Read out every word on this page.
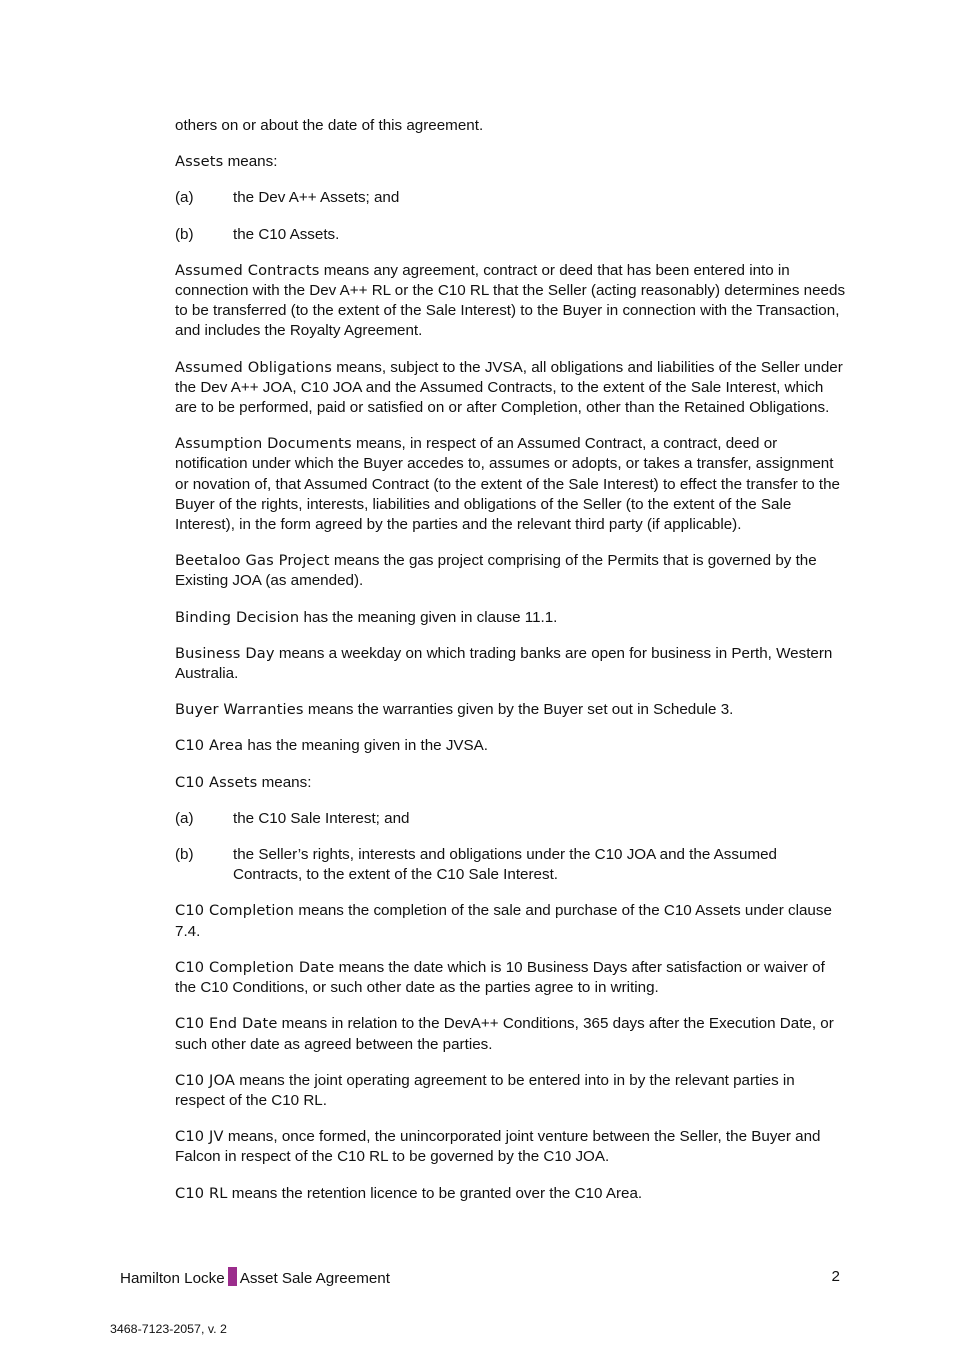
others on or about the date of this agreement.

Assets means:

(a)	the Dev A++ Assets; and
(b)	the C10 Assets.

Assumed Contracts means any agreement, contract or deed that has been entered into in connection with the Dev A++ RL or the C10 RL that the Seller (acting reasonably) determines needs to be transferred (to the extent of the Sale Interest) to the Buyer in connection with the Transaction, and includes the Royalty Agreement.

Assumed Obligations means, subject to the JVSA, all obligations and liabilities of the Seller under the Dev A++ JOA, C10 JOA and the Assumed Contracts, to the extent of the Sale Interest, which are to be performed, paid or satisfied on or after Completion, other than the Retained Obligations.

Assumption Documents means, in respect of an Assumed Contract, a contract, deed or notification under which the Buyer accedes to, assumes or adopts, or takes a transfer, assignment or novation of, that Assumed Contract (to the extent of the Sale Interest) to effect the transfer to the Buyer of the rights, interests, liabilities and obligations of the Seller (to the extent of the Sale Interest), in the form agreed by the parties and the relevant third party (if applicable).

Beetaloo Gas Project means the gas project comprising of the Permits that is governed by the Existing JOA (as amended).

Binding Decision has the meaning given in clause 11.1.

Business Day means a weekday on which trading banks are open for business in Perth, Western Australia.

Buyer Warranties means the warranties given by the Buyer set out in Schedule 3.

C10 Area has the meaning given in the JVSA.

C10 Assets means:

(a)	the C10 Sale Interest; and
(b)	the Seller’s rights, interests and obligations under the C10 JOA and the Assumed Contracts, to the extent of the C10 Sale Interest.

C10 Completion means the completion of the sale and purchase of the C10 Assets under clause 7.4.

C10 Completion Date means the date which is 10 Business Days after satisfaction or waiver of the C10 Conditions, or such other date as the parties agree to in writing.

C10 End Date means in relation to the DevA++ Conditions, 365 days after the Execution Date, or such other date as agreed between the parties.

C10 JOA means the joint operating agreement to be entered into in by the relevant parties in respect of the C10 RL.

C10 JV means, once formed, the unincorporated joint venture between the Seller, the Buyer and Falcon in respect of the C10 RL to be governed by the C10 JOA.

C10 RL means the retention licence to be granted over the C10 Area.

Hamilton Locke Asset Sale Agreement	2
3468-7123-2057, v. 2
